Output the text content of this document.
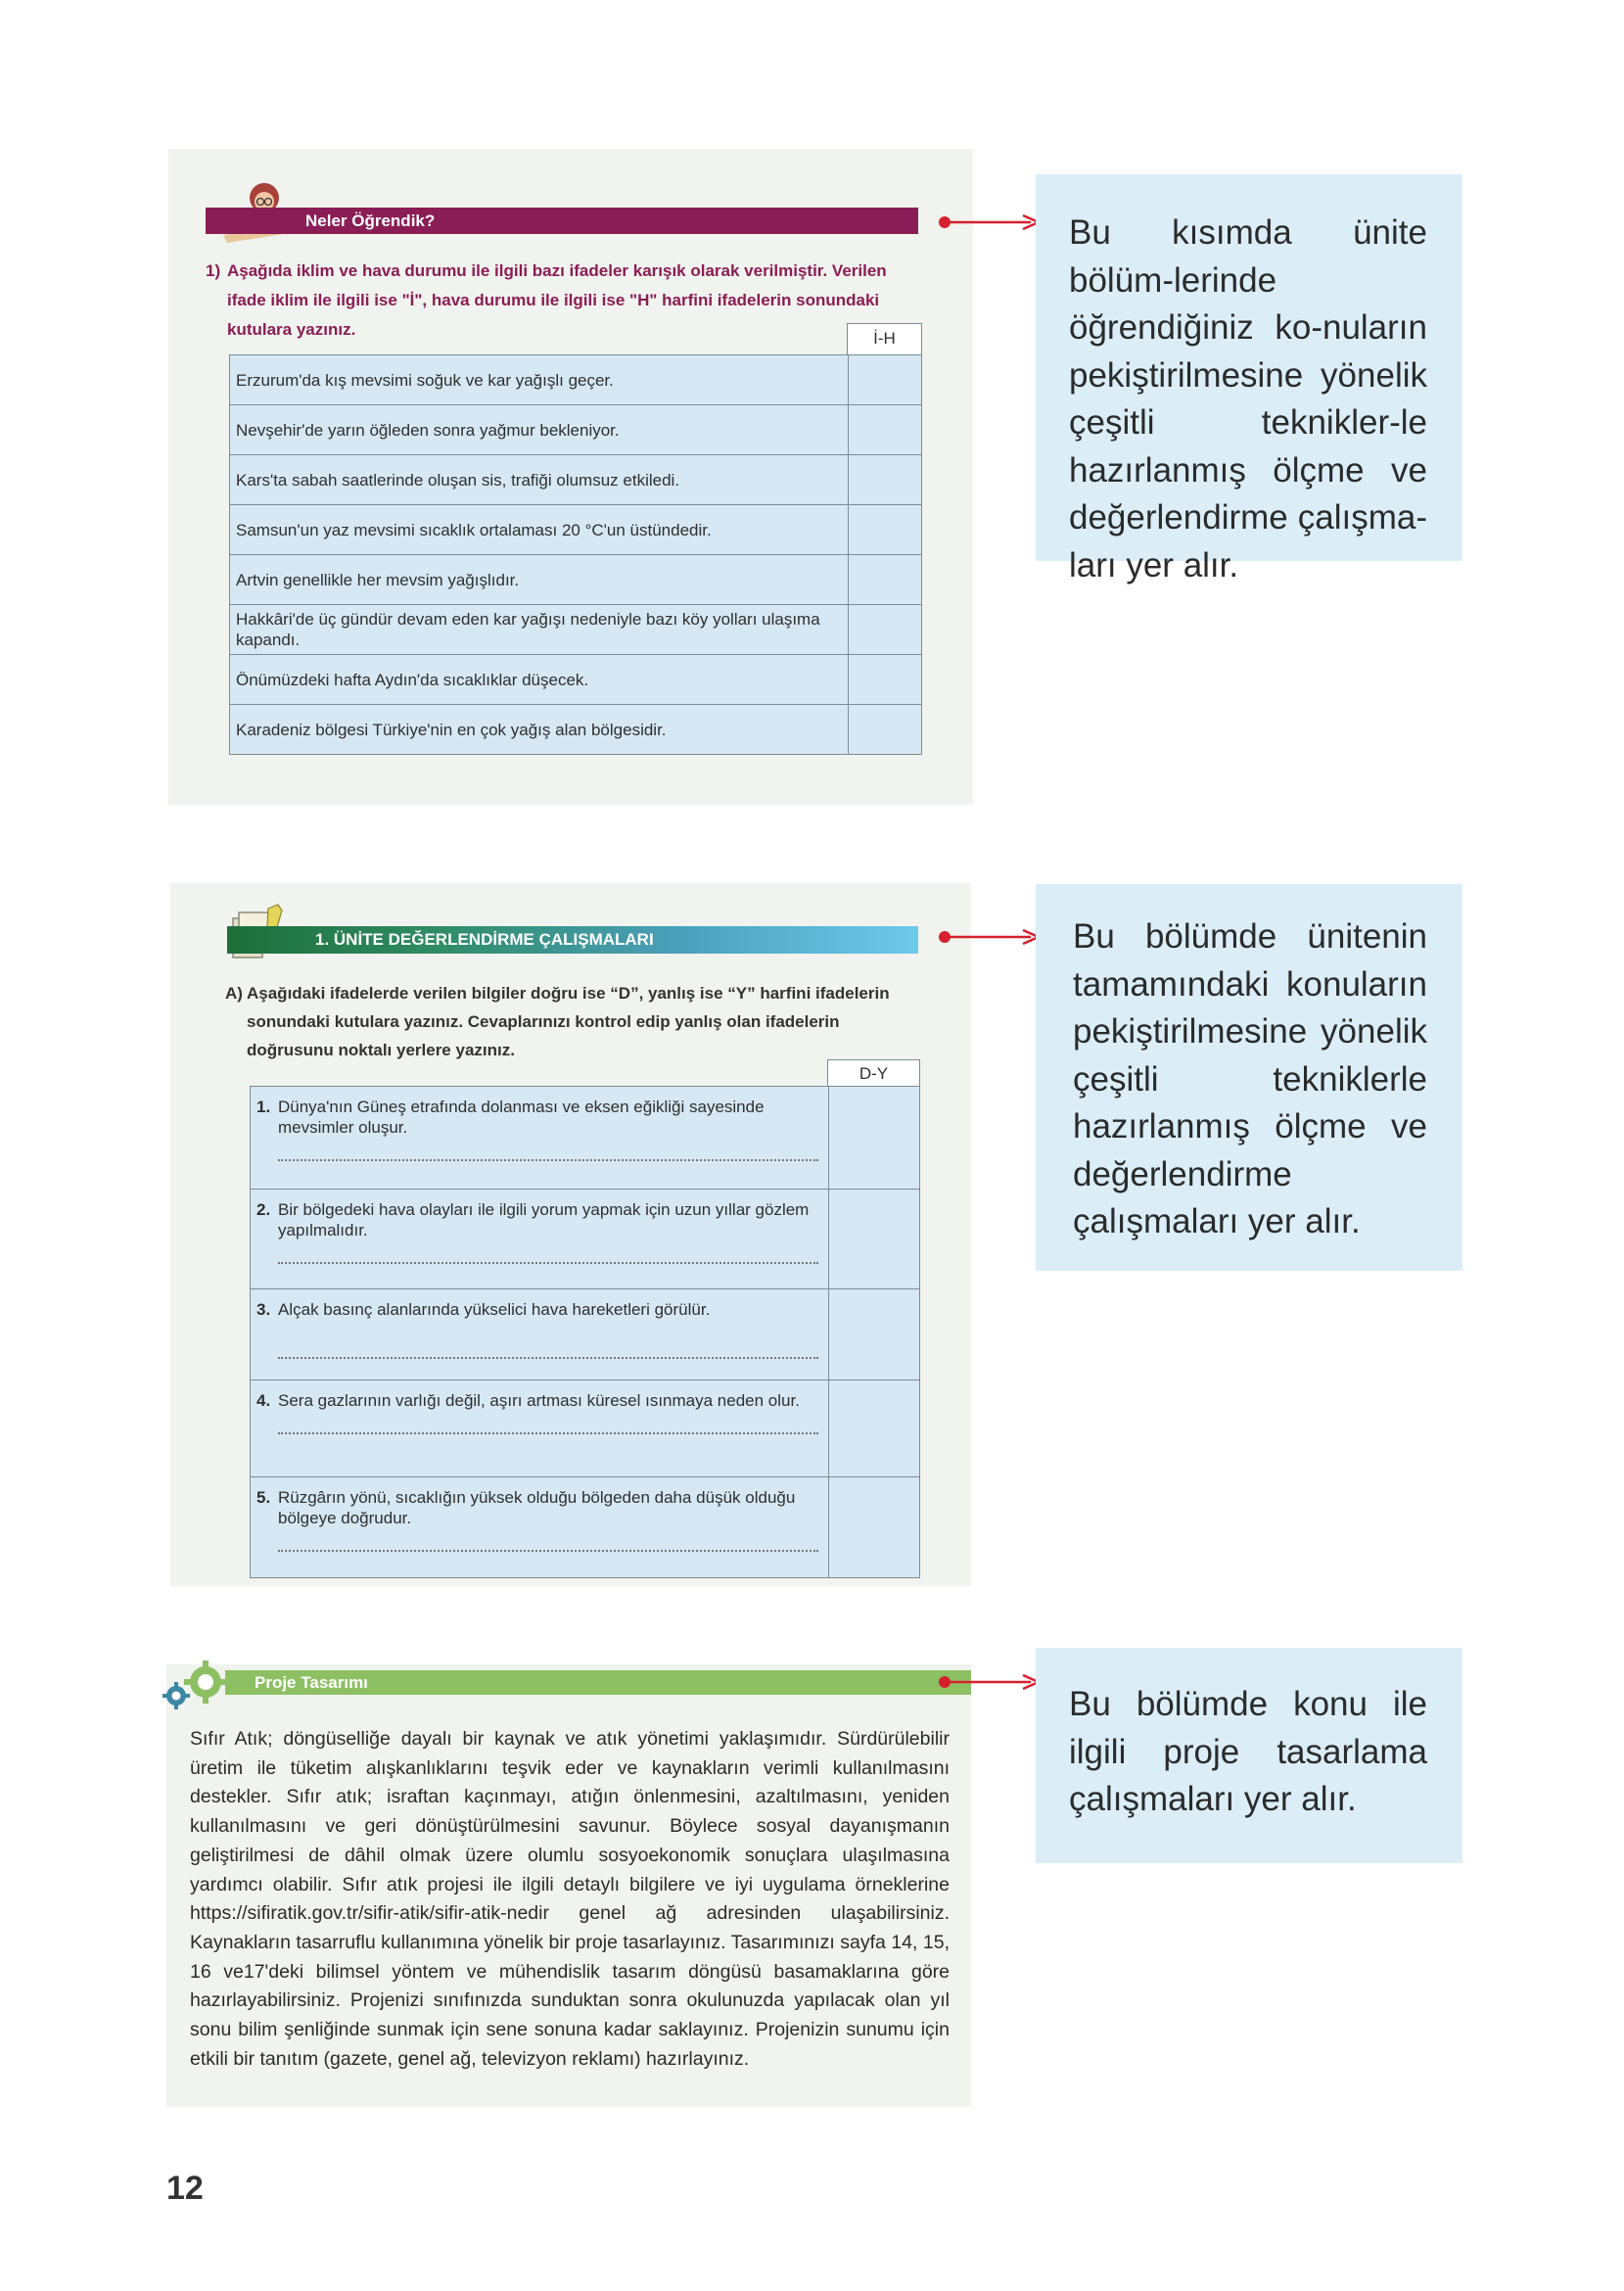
Neler Öğrendik?
1) Aşağıda iklim ve hava durumu ile ilgili bazı ifadeler karışık olarak verilmiştir. Verilen ifade iklim ile ilgili ise "İ", hava durumu ile ilgili ise "H" harfini ifadelerin sonundaki kutulara yazınız.	İ-H
Erzurum'da kış mevsimi soğuk ve kar yağışlı geçer.	
Nevşehir'de yarın öğleden sonra yağmur bekleniyor.	
Kars'ta sabah saatlerinde oluşan sis, trafiği olumsuz etkiledi.	
Samsun'un yaz mevsimi sıcaklık ortalaması 20 °C'un üstündedir.	
Artvin genellikle her mevsim yağışlıdır.	
Hakkâri'de üç gündür devam eden kar yağışı nedeniyle bazı köy yolları ulaşıma kapandı.	
Önümüzdeki hafta Aydın'da sıcaklıklar düşecek.	
Karadeniz bölgesi Türkiye'nin en çok yağış alan bölgesidir.	
Bu kısımda ünite bölüm-lerinde öğrendiğiniz ko-nuların pekiştirilmesine yönelik çeşitli teknikler-le hazırlanmış ölçme ve değerlendirme çalışma-ları yer alır.
1. ÜNİTE DEĞERLENDİRME ÇALIŞMALARI
A) Aşağıdaki ifadelerde verilen bilgiler doğru ise “D”, yanlış ise “Y” harfini ifadelerin sonundaki kutulara yazınız. Cevaplarınızı kontrol edip yanlış olan ifadelerin doğrusunu noktalı yerlere yazınız.
D-Y
1. Dünya'nın Güneş etrafında dolanması ve eksen eğikliği sayesinde mevsimler oluşur.	

2. Bir bölgedeki hava olayları ile ilgili yorum yapmak için uzun yıllar gözlem yapılmalıdır.	

3. Alçak basınç alanlarında yükselici hava hareketleri görülür.	

4. Sera gazlarının varlığı değil, aşırı artması küresel ısınmaya neden olur.	

5. Rüzgârın yönü, sıcaklığın yüksek olduğu bölgeden daha düşük olduğu bölgeye doğrudur.	

Bu bölümde ünitenin tamamındaki konuların pekiştirilmesine yönelik çeşitli tekniklerle hazırlanmış ölçme ve değerlendirme çalışmaları yer alır.
Proje Tasarımı
Sıfır Atık; döngüselliğe dayalı bir kaynak ve atık yönetimi yaklaşımıdır. Sürdürülebilir üretim ile tüketim alışkanlıklarını teşvik eder ve kaynakların verimli kullanılmasını destekler. Sıfır atık; israftan kaçınmayı, atığın önlenmesini, azaltılmasını, yeniden kullanılmasını ve geri dönüştürülmesini savunur. Böylece sosyal dayanışmanın geliştirilmesi de dâhil olmak üzere olumlu sosyoekonomik sonuçlara ulaşılmasına yardımcı olabilir. Sıfır atık projesi ile ilgili detaylı bilgilere ve iyi uygulama örneklerine https://sifiratik.gov.tr/sifir-atik/sifir-atik-nedir genel ağ adresinden ulaşabilirsiniz. Kaynakların tasarruflu kullanımına yönelik bir proje tasarlayınız. Tasarımınızı sayfa 14, 15, 16 ve17'deki bilimsel yöntem ve mühendislik tasarım döngüsü basamaklarına göre hazırlayabilirsiniz. Projenizi sınıfınızda sunduktan sonra okulunuzda yapılacak olan yıl sonu bilim şenliğinde sunmak için sene sonuna kadar saklayınız. Projenizin sunumu için etkili bir tanıtım (gazete, genel ağ, televizyon reklamı) hazırlayınız.
Bu bölümde konu ile ilgili proje tasarlama çalışmaları yer alır.
12
